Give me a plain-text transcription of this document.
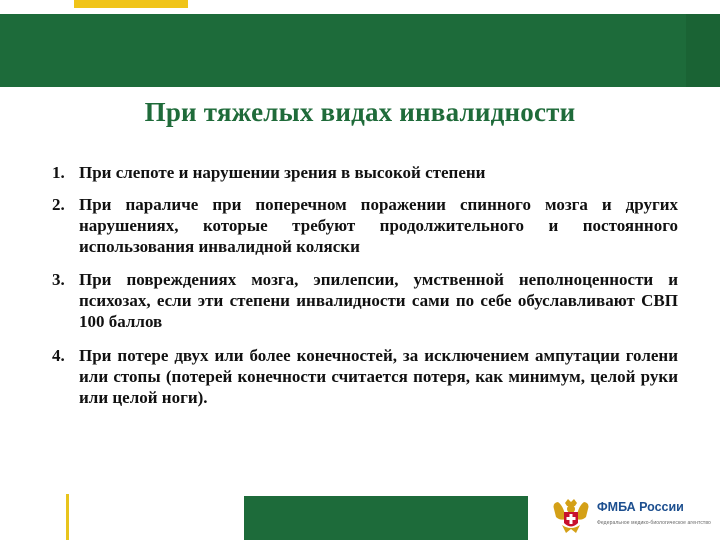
При тяжелых видах инвалидности
1. При слепоте и нарушении зрения в высокой степени
2. При параличе при поперечном поражении спинного мозга и других нарушениях, которые требуют продолжительного и постоянного использования инвалидной коляски
3. При повреждениях мозга, эпилепсии, умственной неполноценности и психозах, если эти степени инвалидности сами по себе обуславливают СВП 100 баллов
4. При потере двух или более конечностей, за исключением ампутации голени или стопы (потерей конечности считается потеря, как минимум, целой руки или целой ноги).
ФМБА России
Федеральное медико-биологическое агентство
